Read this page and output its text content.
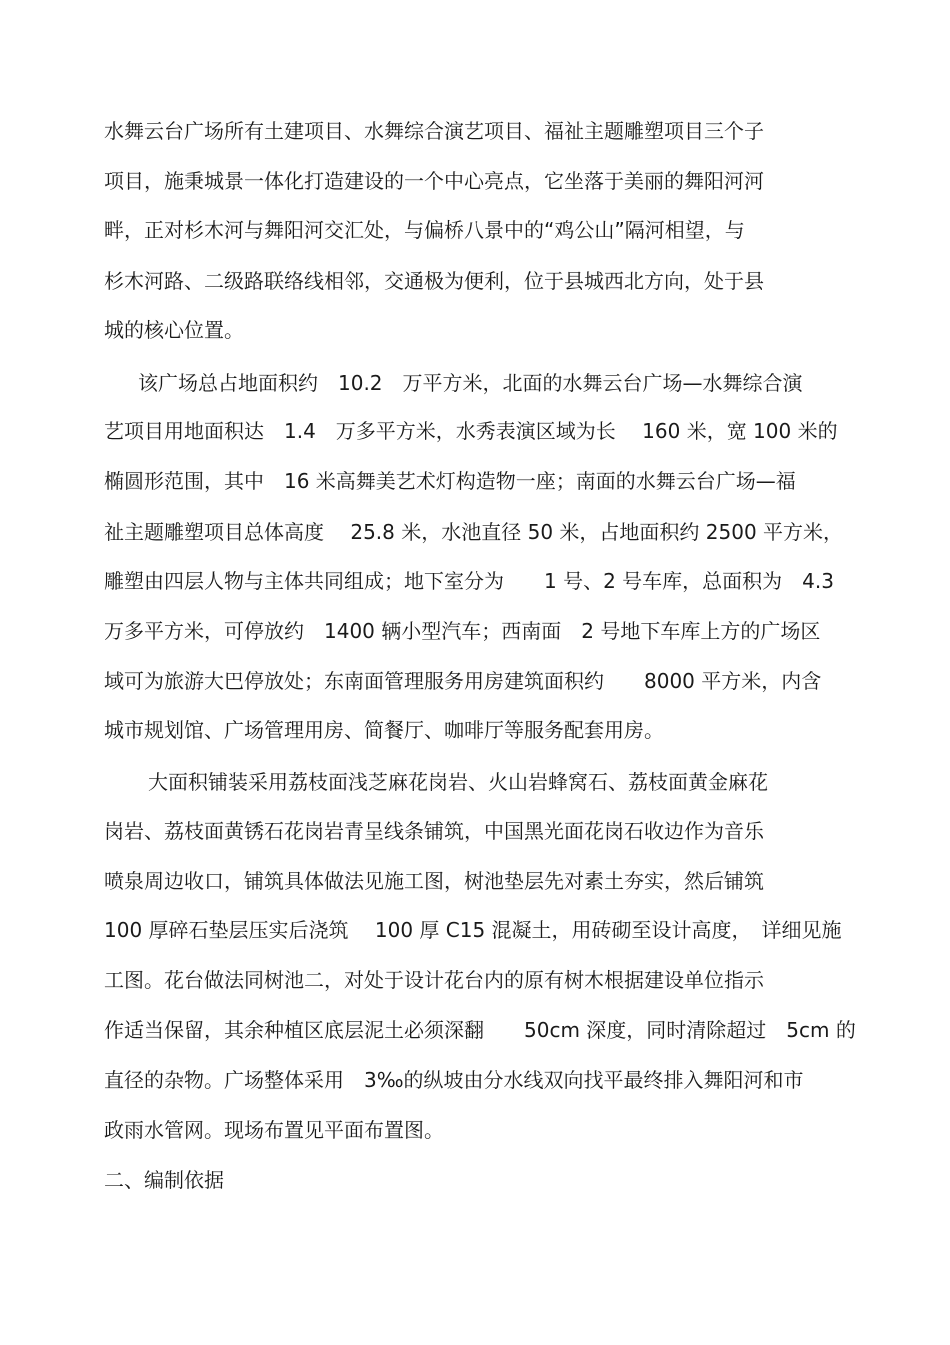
水舞云台广场所有土建项目、水舞综合演艺项目、福祉主题雕塑项目三个子
项目，施秉城景一体化打造建设的一个中心亮点，它坐落于美丽的舞阳河河
畔，正对杉木河与舞阳河交汇处，与偏桥八景中的“鸡公山”隔河相望，与
杉木河路、二级路联络线相邻，交通极为便利，位于县城西北方向，处于县
城的核心位置。
该广场总占地面积约　10.2　万平方米，北面的水舞云台广场—水舞综合演
艺项目用地面积达　1.4　万多平方米，水秀表演区域为长　 160 米，宽 100 米的
椭圆形范围，其中　16 米高舞美艺术灯构造物一座；南面的水舞云台广场—福
祉主题雕塑项目总体高度　 25.8 米，水池直径 50 米，占地面积约 2500 平方米，
雕塑由四层人物与主体共同组成；地下室分为　　1 号、2 号车库，总面积为　4.3
万多平方米，可停放约　1400 辆小型汽车；西南面　2 号地下车库上方的广场区
域可为旅游大巴停放处；东南面管理服务用房建筑面积约　　8000 平方米，内含
城市规划馆、广场管理用房、简餐厅、咖啡厅等服务配套用房。
大面积铺装采用荔枝面浅芝麻花岗岩、火山岩蜂窝石、荔枝面黄金麻花
岗岩、荔枝面黄锈石花岗岩青呈线条铺筑，中国黑光面花岗石收边作为音乐
喷泉周边收口，铺筑具体做法见施工图，树池垫层先对素土夯实，然后铺筑
100 厚碎石垫层压实后浇筑　 100 厚 C15 混凝土，用砖砌至设计高度，　详细见施
工图。花台做法同树池二，对处于设计花台内的原有树木根据建设单位指示
作适当保留，其余种植区底层泥土必须深翻　　50cm 深度，同时清除超过　5cm 的
直径的杂物。广场整体采用　3‰的纵坡由分水线双向找平最终排入舞阳河和市
政雨水管网。现场布置见平面布置图。
二、编制依据
